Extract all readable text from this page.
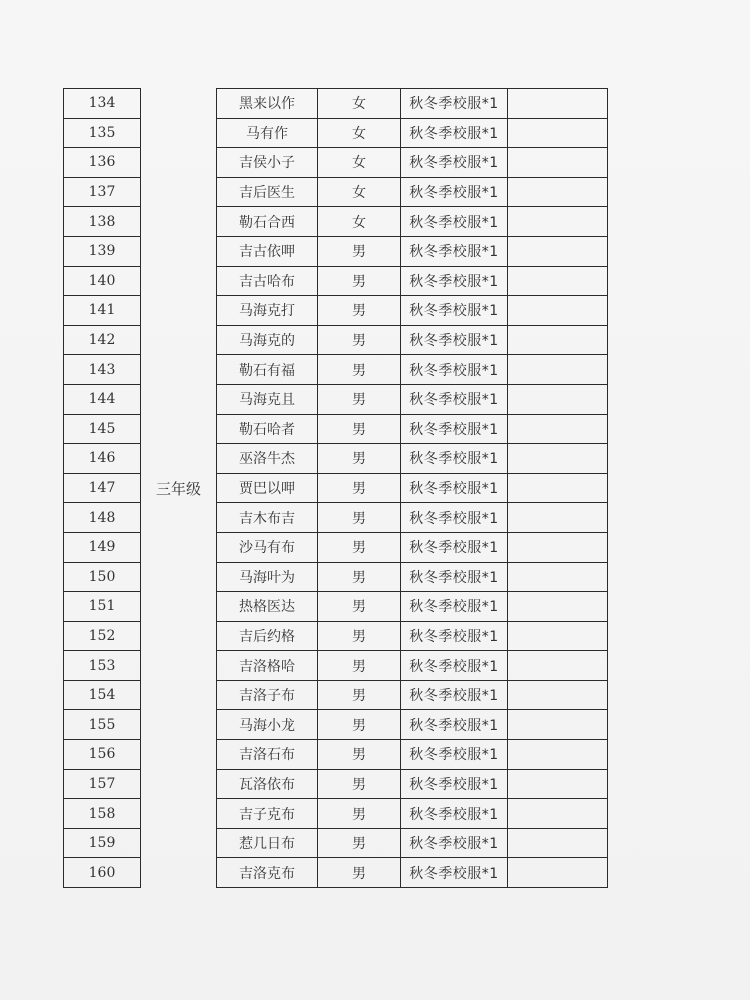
134	三年级	黑来以作	女	秋冬季校服*1	
135		马有作	女	秋冬季校服*1	
136		吉侯小子	女	秋冬季校服*1	
137		吉后医生	女	秋冬季校服*1	
138		勒石合西	女	秋冬季校服*1	
139		吉古依呷	男	秋冬季校服*1	
140		吉古哈布	男	秋冬季校服*1	
141		马海克打	男	秋冬季校服*1	
142		马海克的	男	秋冬季校服*1	
143		勒石有福	男	秋冬季校服*1	
144		马海克且	男	秋冬季校服*1	
145		勒石哈者	男	秋冬季校服*1	
146		巫洛牛杰	男	秋冬季校服*1	
147		贾巴以呷	男	秋冬季校服*1	
148		吉木布吉	男	秋冬季校服*1	
149		沙马有布	男	秋冬季校服*1	
150		马海叶为	男	秋冬季校服*1	
151		热格医达	男	秋冬季校服*1	
152		吉后约格	男	秋冬季校服*1	
153		吉洛格哈	男	秋冬季校服*1	
154		吉洛子布	男	秋冬季校服*1	
155		马海小龙	男	秋冬季校服*1	
156		吉洛石布	男	秋冬季校服*1	
157		瓦洛依布	男	秋冬季校服*1	
158		吉子克布	男	秋冬季校服*1	
159		惹几日布	男	秋冬季校服*1	
160		吉洛克布	男	秋冬季校服*1	
